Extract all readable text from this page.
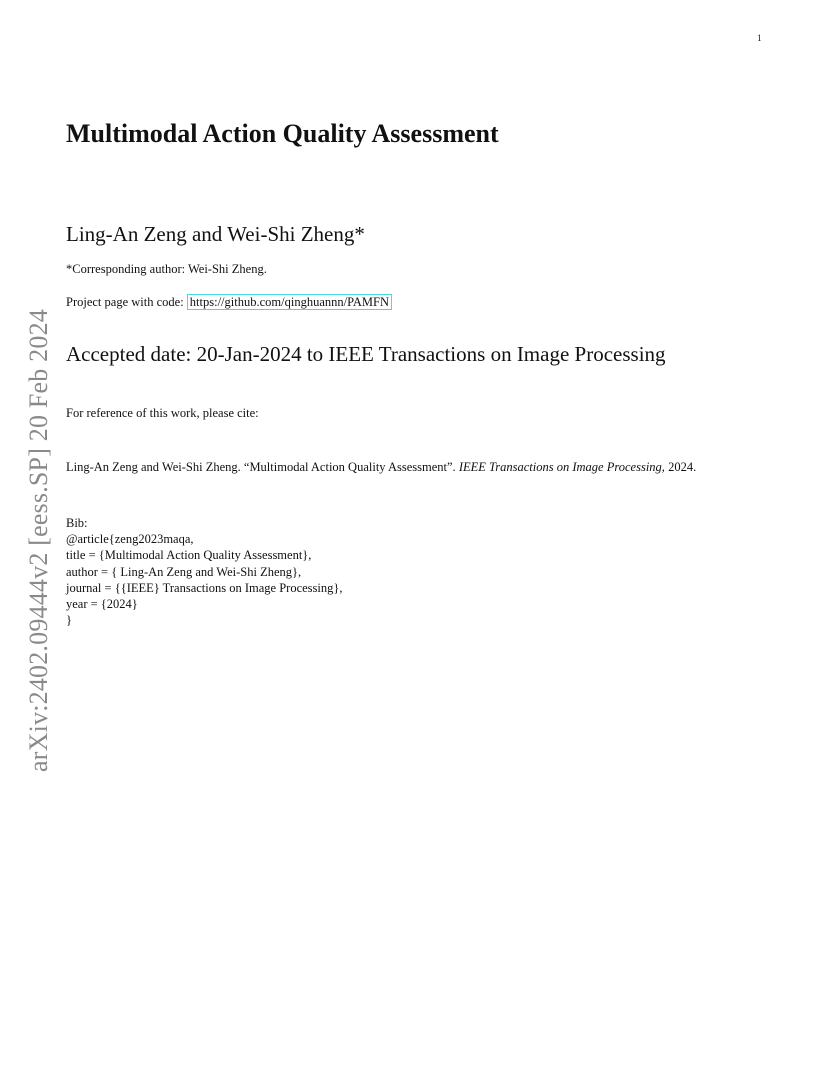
1
arXiv:2402.09444v2 [eess.SP] 20 Feb 2024
Multimodal Action Quality Assessment
Ling-An Zeng and Wei-Shi Zheng*
*Corresponding author: Wei-Shi Zheng.
Project page with code: https://github.com/qinghuannn/PAMFN
Accepted date: 20-Jan-2024 to IEEE Transactions on Image Processing
For reference of this work, please cite:
Ling-An Zeng and Wei-Shi Zheng. “Multimodal Action Quality Assessment”. IEEE Transactions on Image Processing, 2024.
Bib:
@article{zeng2023maqa,
title = {Multimodal Action Quality Assessment},
author = { Ling-An Zeng and Wei-Shi Zheng},
journal = {{IEEE} Transactions on Image Processing},
year = {2024}
}
